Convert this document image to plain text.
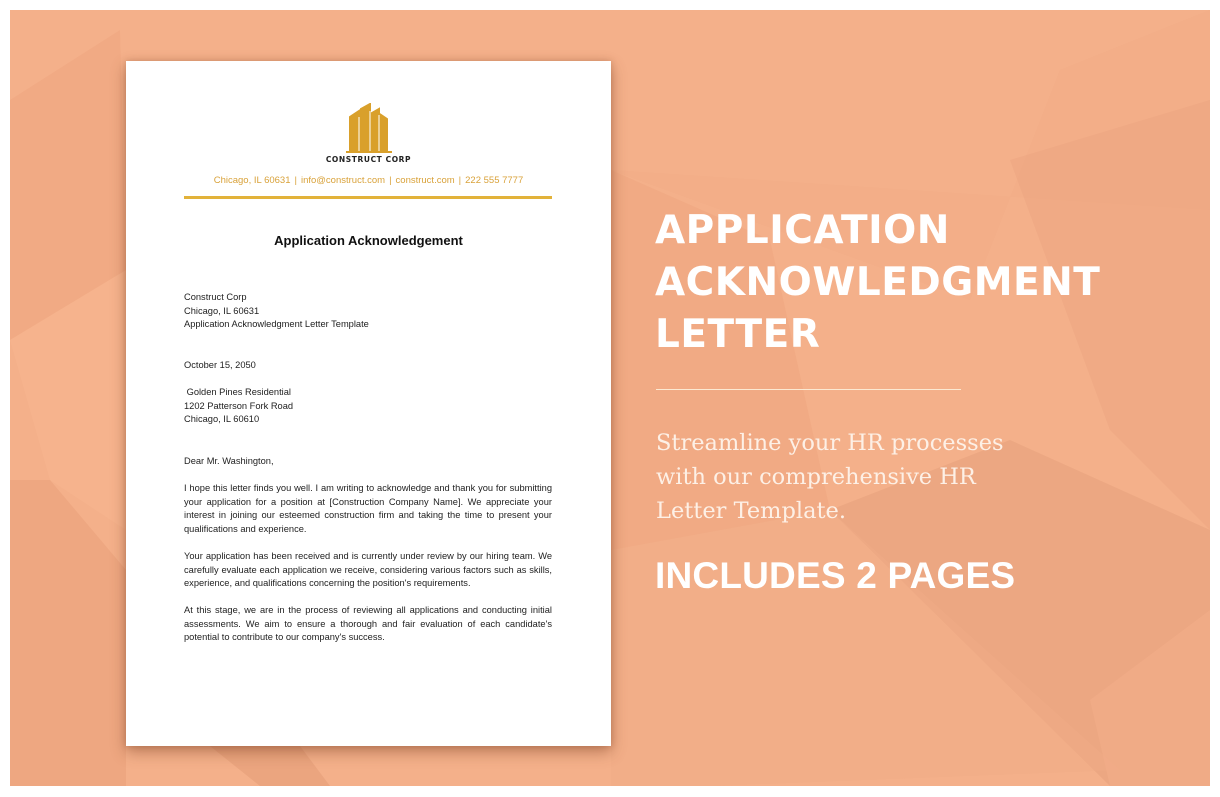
CONSTRUCT CORP
Chicago, IL 60631 | info@construct.com | construct.com | 222 555 7777
Application Acknowledgement
Construct Corp
Chicago, IL 60631
Application Acknowledgment Letter Template
October 15, 2050
Golden Pines Residential
1202 Patterson Fork Road
Chicago, IL 60610
Dear Mr. Washington,
I hope this letter finds you well. I am writing to acknowledge and thank you for submitting your application for a position at [Construction Company Name]. We appreciate your interest in joining our esteemed construction firm and taking the time to present your qualifications and experience.
Your application has been received and is currently under review by our hiring team. We carefully evaluate each application we receive, considering various factors such as skills, experience, and qualifications concerning the position's requirements.
At this stage, we are in the process of reviewing all applications and conducting initial assessments. We aim to ensure a thorough and fair evaluation of each candidate's potential to contribute to our company's success.
APPLICATION
ACKNOWLEDGMENT
LETTER
Streamline your HR processes with our comprehensive HR Letter Template.
INCLUDES 2 PAGES
